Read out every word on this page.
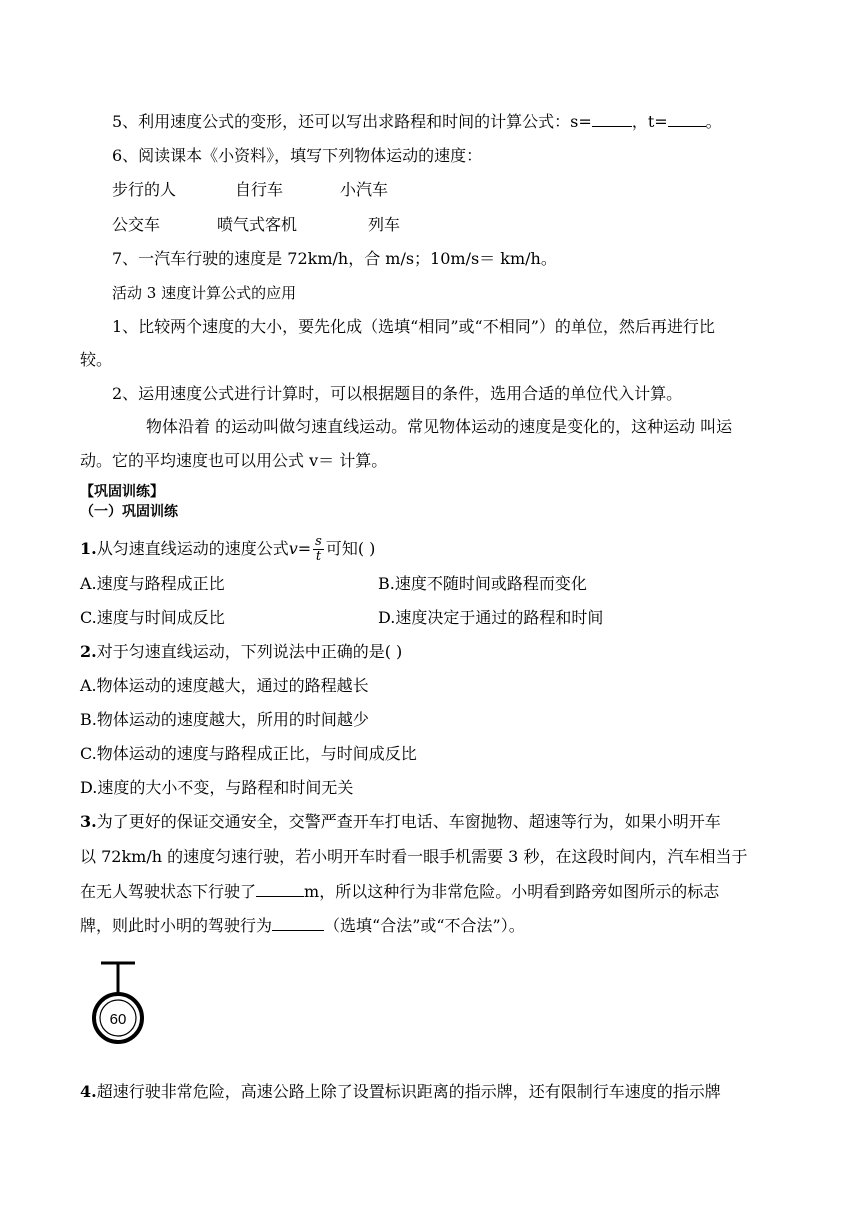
5、利用速度公式的变形，还可以写出求路程和时间的计算公式：s=	，t= 。
6、阅读课本《小资料》，填写下列物体运动的速度：
步行的人	自行车	小汽车
公交车	喷气式客机	列车
7、一汽车行驶的速度是 72km/h，合 m/s；10m/s＝ km/h。
活动 3 速度计算公式的应用
1、比较两个速度的大小，要先化成（选填“相同”或“不相同”）的单位，然后再进行比
较。
2、运用速度公式进行计算时，可以根据题目的条件，选用合适的单位代入计算。
物体沿着 的运动叫做匀速直线运动。常见物体运动的速度是变化的，这种运动 叫运
动。它的平均速度也可以用公式 v＝ 计算。
【巩固训练】
（一）巩固训练
1.从匀速直线运动的速度公式$v= \frac{s}{t}$ 可知( )
A.速度与路程成正比	B.速度不随时间或路程而变化
C.速度与时间成反比	D.速度决定于通过的路程和时间
2.对于匀速直线运动，下列说法中正确的是( )
A.物体运动的速度越大，通过的路程越长
B.物体运动的速度越大，所用的时间越少
C.物体运动的速度与路程成正比，与时间成反比
D.速度的大小不变，与路程和时间无关
3.为了更好的保证交通安全，交警严查开车打电话、车窗抛物、超速等行为，如果小明开车
以 72km/h 的速度匀速行驶，若小明开车时看一眼手机需要 3 秒，在这段时间内，汽车相当于
在无人驾驶状态下行驶了	m，所以这种行为非常危险。小明看到路旁如图所示的标志
牌，则此时小明的驾驶行为	（选填“合法”或“不合法”）。
60
4.超速行驶非常危险，高速公路上除了设置标识距离的指示牌，还有限制行车速度的指示牌
